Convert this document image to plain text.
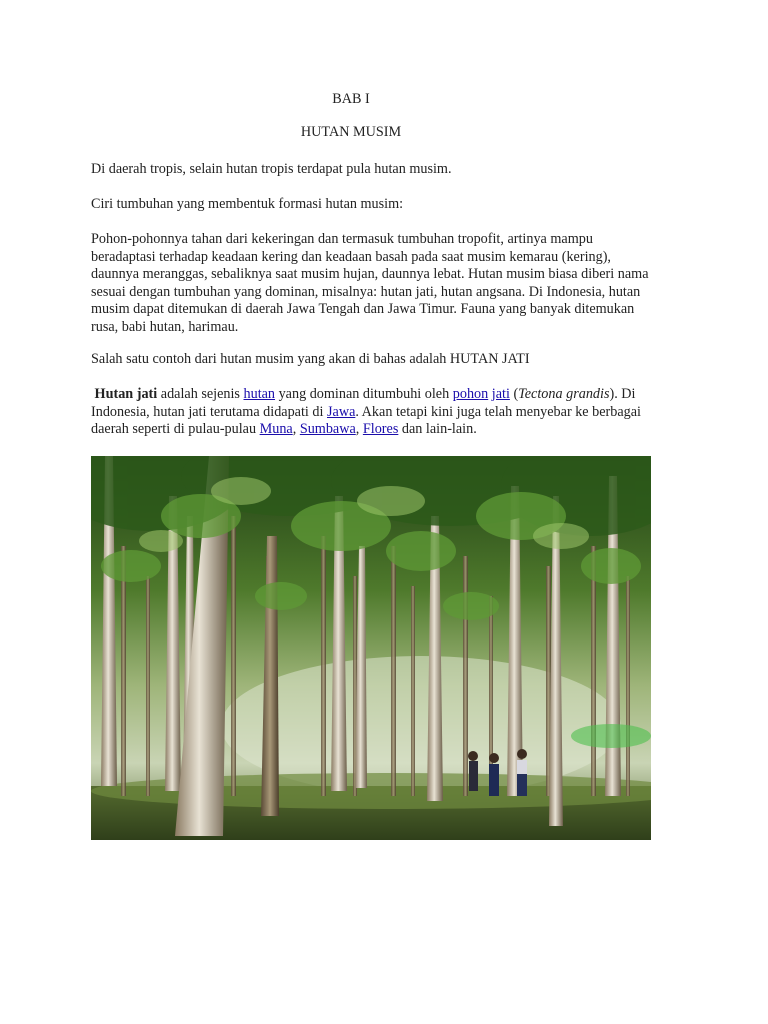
BAB I
HUTAN MUSIM

Di daerah tropis, selain hutan tropis terdapat pula hutan musim.

Ciri tumbuhan yang membentuk formasi hutan musim:

Pohon-pohonnya tahan dari kekeringan dan termasuk tumbuhan tropofit, artinya mampu
beradaptasi terhadap keadaan kering dan keadaan basah pada saat musim kemarau (kering),
daunnya meranggas, sebaliknya saat musim hujan, daunnya lebat. Hutan musim biasa diberi nama
sesuai dengan tumbuhan yang dominan, misalnya: hutan jati, hutan angsana. Di Indonesia, hutan
musim dapat ditemukan di daerah Jawa Tengah dan Jawa Timur. Fauna yang banyak ditemukan
rusa, babi hutan, harimau.

Salah satu contoh dari hutan musim yang akan di bahas adalah HUTAN JATI

Hutan jati adalah sejenis hutan yang dominan ditumbuhi oleh pohon jati (Tectona grandis). Di
Indonesia, hutan jati terutama didapati di Jawa. Akan tetapi kini juga telah menyebar ke berbagai
daerah seperti di pulau-pulau Muna, Sumbawa, Flores dan lain-lain.
